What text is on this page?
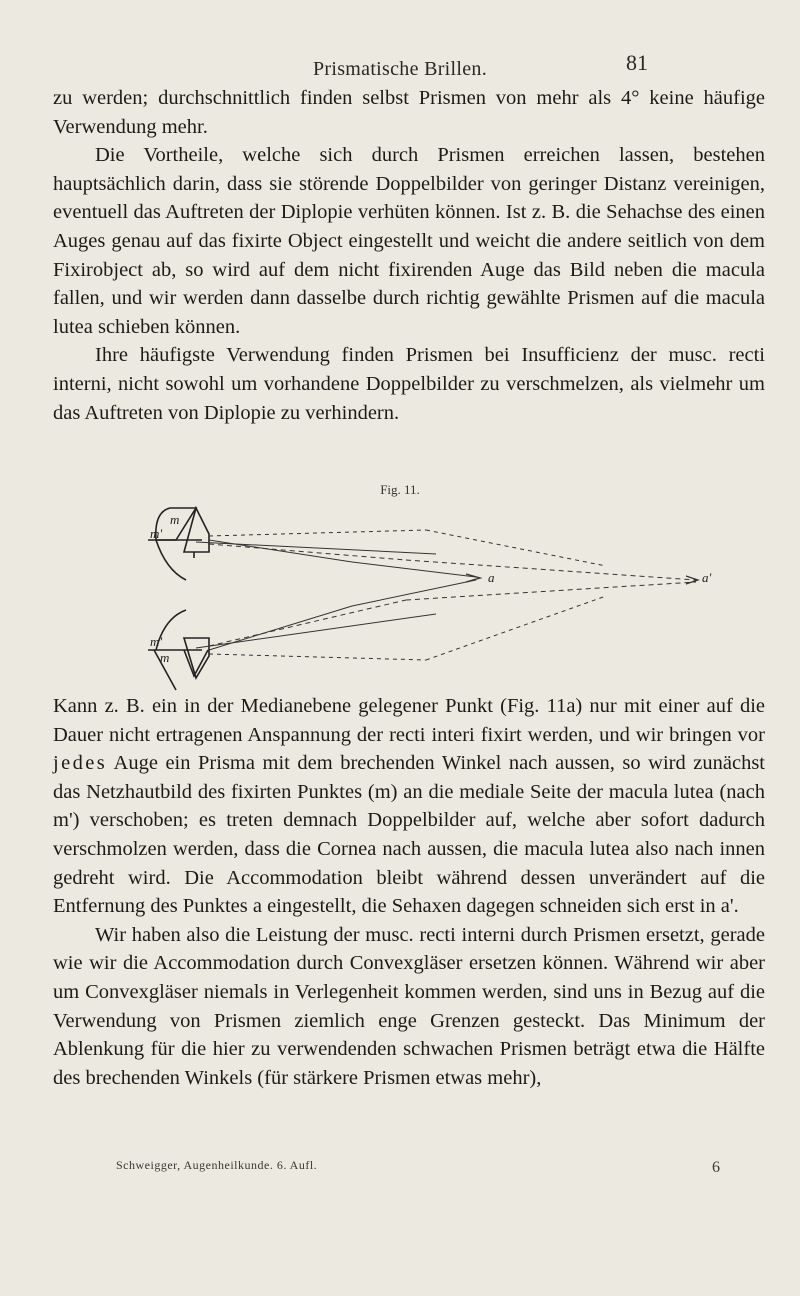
Prismatische Brillen.	81

zu werden; durchschnittlich finden selbst Prismen von mehr als 4° keine häufige Verwendung mehr.

Die Vortheile, welche sich durch Prismen erreichen lassen, bestehen hauptsächlich darin, dass sie störende Doppelbilder von geringer Distanz vereinigen, eventuell das Auftreten der Diplopie verhüten können. Ist z. B. die Sehachse des einen Auges genau auf das fixirte Object eingestellt und weicht die andere seitlich von dem Fixirobject ab, so wird auf dem nicht fixirenden Auge das Bild neben die macula fallen, und wir werden dann dasselbe durch richtig gewählte Prismen auf die macula lutea schieben können.

Ihre häufigste Verwendung finden Prismen bei Insufficienz der musc. recti interni, nicht sowohl um vorhandene Doppelbilder zu verschmelzen, als vielmehr um das Auftreten von Diplopie zu verhindern.

Fig. 11.
m
m'
a	a'
m'
m

Kann z. B. ein in der Medianebene gelegener Punkt (Fig. 11a) nur mit einer auf die Dauer nicht ertragenen Anspannung der recti interi fixirt werden, und wir bringen vor jedes Auge ein Prisma mit dem brechenden Winkel nach aussen, so wird zunächst das Netzhautbild des fixirten Punktes (m) an die mediale Seite der macula lutea (nach m') verschoben; es treten demnach Doppelbilder auf, welche aber sofort dadurch verschmolzen werden, dass die Cornea nach aussen, die macula lutea also nach innen gedreht wird. Die Accommodation bleibt während dessen unverändert auf die Entfernung des Punktes a eingestellt, die Sehaxen dagegen schneiden sich erst in a'.

Wir haben also die Leistung der musc. recti interni durch Prismen ersetzt, gerade wie wir die Accommodation durch Convexgläser ersetzen können. Während wir aber um Convexgläser niemals in Verlegenheit kommen werden, sind uns in Bezug auf die Verwendung von Prismen ziemlich enge Grenzen gesteckt. Das Minimum der Ablenkung für die hier zu verwendenden schwachen Prismen beträgt etwa die Hälfte des brechenden Winkels (für stärkere Prismen etwas mehr),

Schweigger, Augenheilkunde. 6. Aufl.	6
